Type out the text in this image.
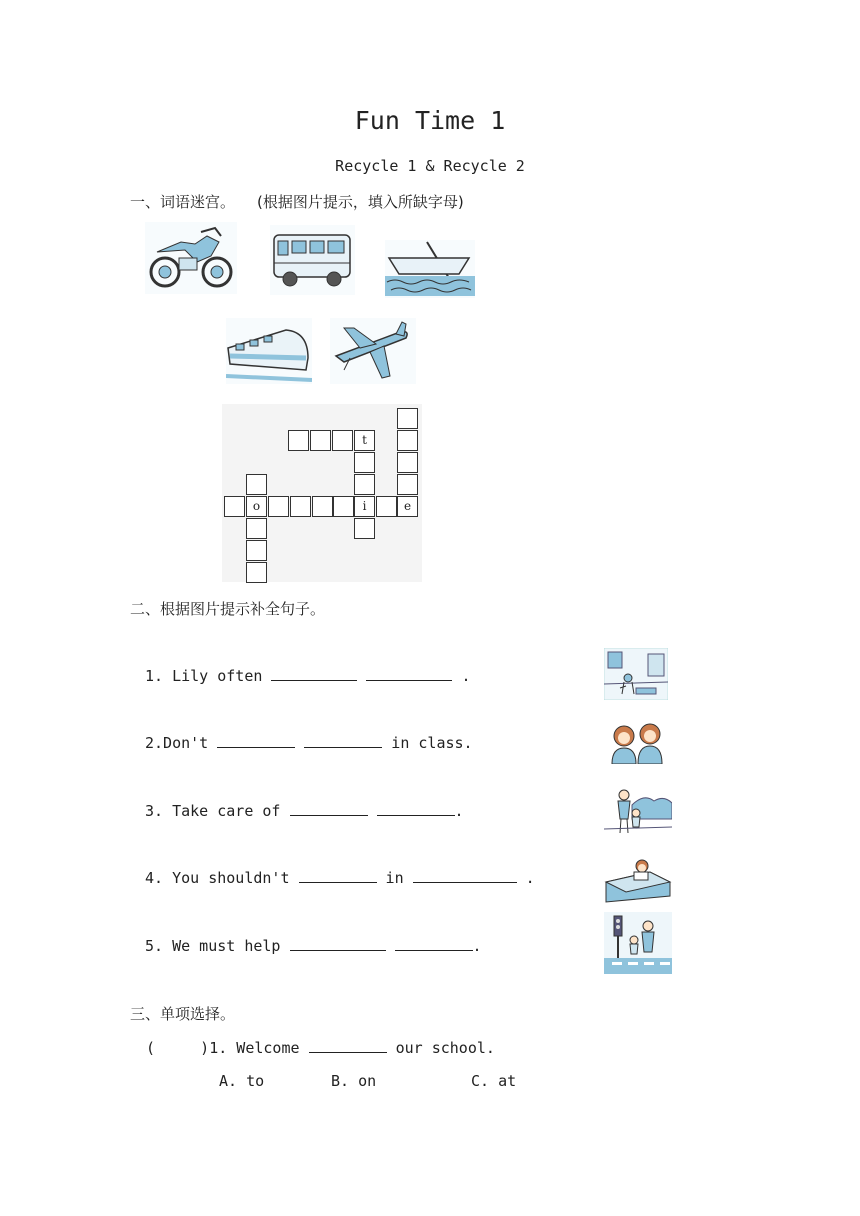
Fun Time 1
Recycle 1 & Recycle 2
一、词语迷宫。 (根据图片提示，填入所缺字母)
t
o	i	e
二、根据图片提示补全句子。
1. Lily often	.
2.Don't	in class.
3. Take care of	.
4. You shouldn't	in	.
5. We must help	.
三、单项选择。
(     )1. Welcome	our school.
A. to	B. on	C. at
